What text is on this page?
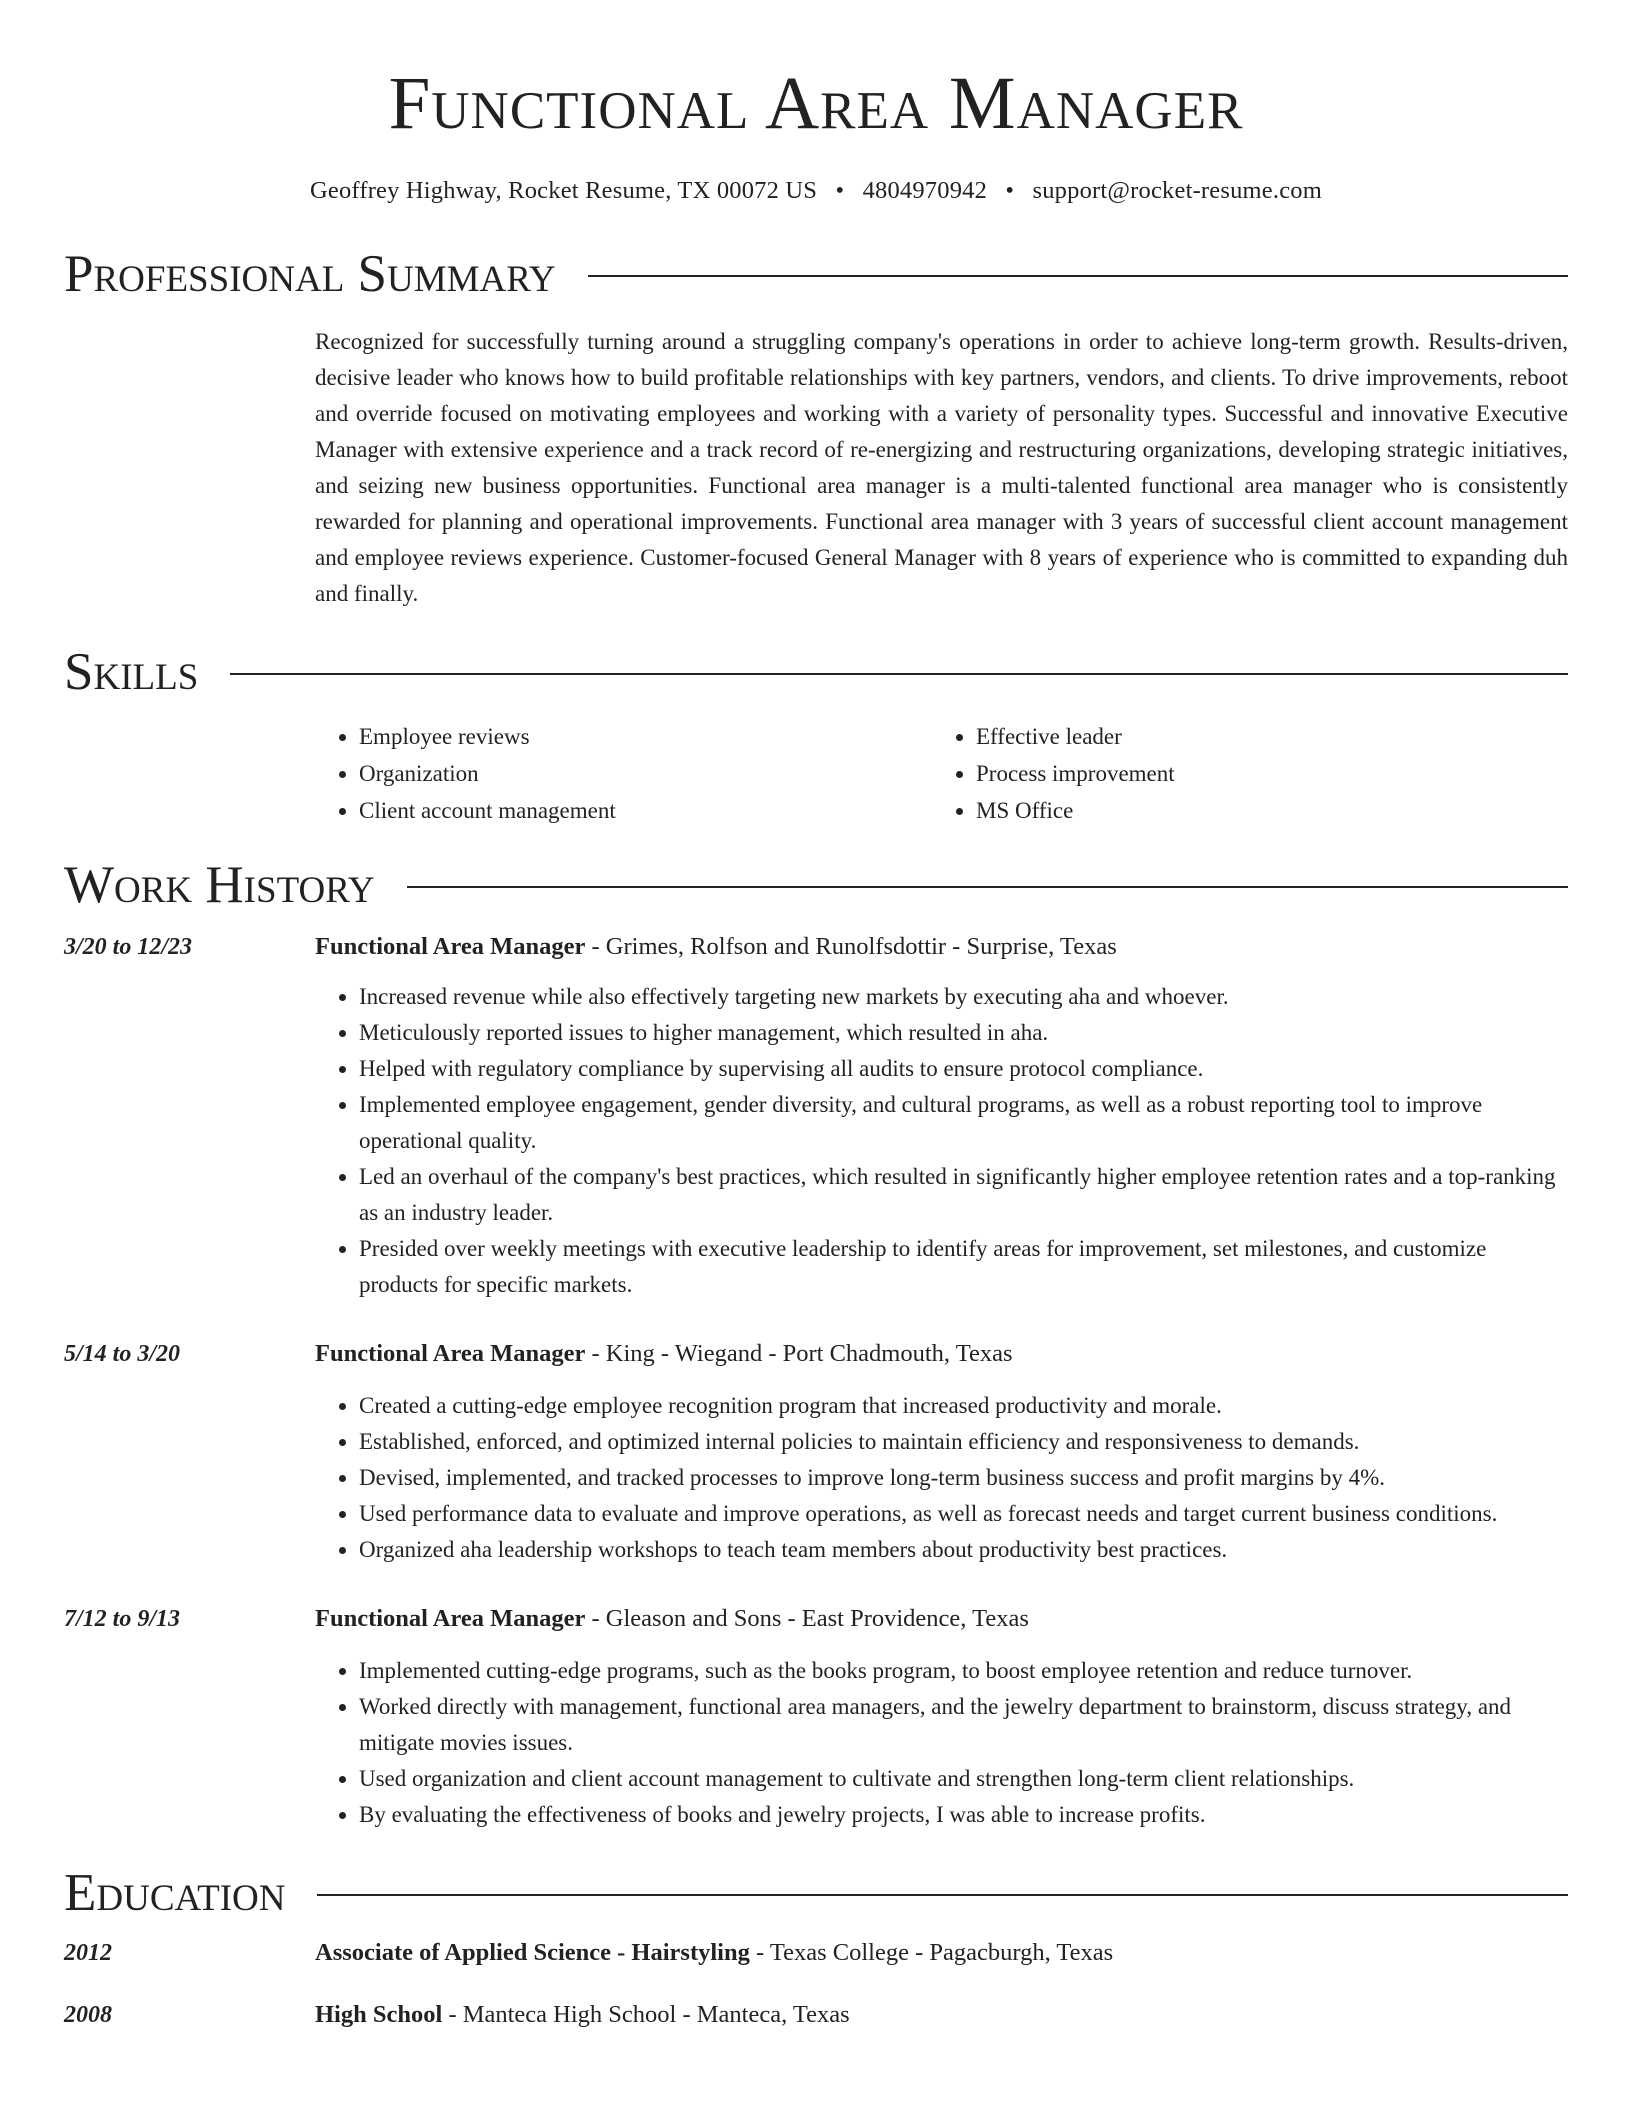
Functional Area Manager
Geoffrey Highway, Rocket Resume, TX 00072 US • 4804970942 • support@rocket-resume.com
Professional Summary
Recognized for successfully turning around a struggling company's operations in order to achieve long-term growth. Results-driven, decisive leader who knows how to build profitable relationships with key partners, vendors, and clients. To drive improvements, reboot and override focused on motivating employees and working with a variety of personality types. Successful and innovative Executive Manager with extensive experience and a track record of re-energizing and restructuring organizations, developing strategic initiatives, and seizing new business opportunities. Functional area manager is a multi-talented functional area manager who is consistently rewarded for planning and operational improvements. Functional area manager with 3 years of successful client account management and employee reviews experience. Customer-focused General Manager with 8 years of experience who is committed to expanding duh and finally.
Skills
• Employee reviews
• Organization
• Client account management
• Effective leader
• Process improvement
• MS Office
Work History
3/20 to 12/23	Functional Area Manager - Grimes, Rolfson and Runolfsdottir - Surprise, Texas
• Increased revenue while also effectively targeting new markets by executing aha and whoever.
• Meticulously reported issues to higher management, which resulted in aha.
• Helped with regulatory compliance by supervising all audits to ensure protocol compliance.
• Implemented employee engagement, gender diversity, and cultural programs, as well as a robust reporting tool to improve operational quality.
• Led an overhaul of the company's best practices, which resulted in significantly higher employee retention rates and a top-ranking as an industry leader.
• Presided over weekly meetings with executive leadership to identify areas for improvement, set milestones, and customize products for specific markets.
5/14 to 3/20	Functional Area Manager - King - Wiegand - Port Chadmouth, Texas
• Created a cutting-edge employee recognition program that increased productivity and morale.
• Established, enforced, and optimized internal policies to maintain efficiency and responsiveness to demands.
• Devised, implemented, and tracked processes to improve long-term business success and profit margins by 4%.
• Used performance data to evaluate and improve operations, as well as forecast needs and target current business conditions.
• Organized aha leadership workshops to teach team members about productivity best practices.
7/12 to 9/13	Functional Area Manager - Gleason and Sons - East Providence, Texas
• Implemented cutting-edge programs, such as the books program, to boost employee retention and reduce turnover.
• Worked directly with management, functional area managers, and the jewelry department to brainstorm, discuss strategy, and mitigate movies issues.
• Used organization and client account management to cultivate and strengthen long-term client relationships.
• By evaluating the effectiveness of books and jewelry projects, I was able to increase profits.
Education
2012	Associate of Applied Science - Hairstyling - Texas College - Pagacburgh, Texas
2008	High School - Manteca High School - Manteca, Texas
